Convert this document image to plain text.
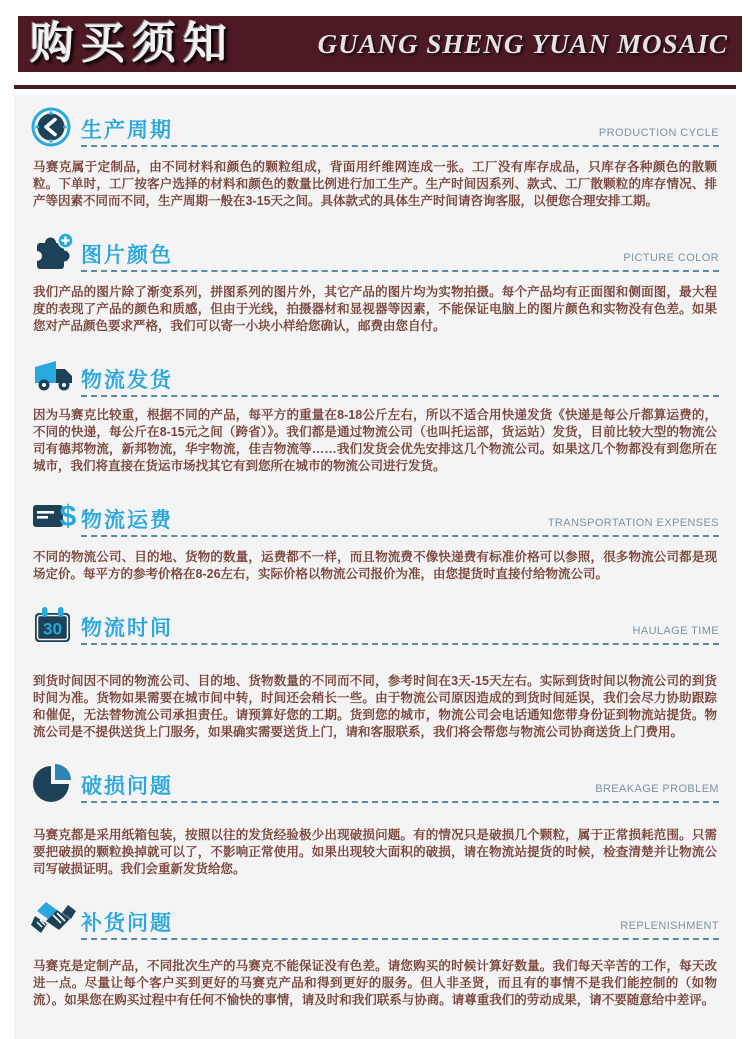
购买须知	GUANG SHENG YUAN MOSAIC
生产周期	PRODUCTION CYCLE

马赛克属于定制品，由不同材料和颜色的颗粒组成，背面用纤维网连成一张。工厂没有库存成品，只库存各种颜色的散颗粒。下单时，工厂按客户选择的材料和颜色的数量比例进行加工生产。生产时间因系列、款式、工厂散颗粒的库存情况、排产等因素不同而不同，生产周期一般在3-15天之间。具体款式的具体生产时间请咨询客服，以便您合理安排工期。

图片颜色	PICTURE COLOR

我们产品的图片除了渐变系列，拼图系列的图片外，其它产品的图片均为实物拍摄。每个产品均有正面图和侧面图，最大程度的表现了产品的颜色和质感，但由于光线，拍摄器材和显视器等因素，不能保证电脑上的图片颜色和实物没有色差。如果您对产品颜色要求严格，我们可以寄一小块小样给您确认，邮费由您自付。

物流发货

因为马赛克比较重，根据不同的产品，每平方的重量在8-18公斤左右，所以不适合用快递发货《快递是每公斤都算运费的，不同的快递，每公斤在8-15元之间（跨省）》。我们都是通过物流公司（也叫托运部，货运站）发货，目前比较大型的物流公司有德邦物流，新邦物流，华宇物流，佳吉物流等……我们发货会优先安排这几个物流公司。如果这几个物都没有到您所在城市，我们将直接在货运市场找其它有到您所在城市的物流公司进行发货。

$ 物流运费	TRANSPORTATION EXPENSES

不同的物流公司、目的地、货物的数量，运费都不一样，而且物流费不像快递费有标准价格可以参照，很多物流公司都是现场定价。每平方的参考价格在8-26左右，实际价格以物流公司报价为准，由您提货时直接付给物流公司。

30 物流时间	HAULAGE TIME

到货时间因不同的物流公司、目的地、货物数量的不同而不同，参考时间在3天-15天左右。实际到货时间以物流公司的到货时间为准。货物如果需要在城市间中转，时间还会稍长一些。由于物流公司原因造成的到货时间延误，我们会尽力协助跟踪和催促，无法替物流公司承担责任。请预算好您的工期。货到您的城市，物流公司会电话通知您带身份证到物流站提货。物流公司是不提供送货上门服务，如果确实需要送货上门，请和客服联系，我们将会帮您与物流公司协商送货上门费用。

破损问题	BREAKAGE PROBLEM

马赛克都是采用纸箱包装，按照以往的发货经验极少出现破损问题。有的情况只是破损几个颗粒，属于正常损耗范围。只需要把破损的颗粒换掉就可以了，不影响正常使用。如果出现较大面积的破损，请在物流站提货的时候，检查清楚并让物流公司写破损证明。我们会重新发货给您。

补货问题	REPLENISHMENT

马赛克是定制产品，不同批次生产的马赛克不能保证没有色差。请您购买的时候计算好数量。我们每天辛苦的工作，每天改进一点。尽量让每个客户买到更好的马赛克产品和得到更好的服务。但人非圣贤，而且有的事情不是我们能控制的（如物流）。如果您在购买过程中有任何不愉快的事情，请及时和我们联系与协商。请尊重我们的劳动成果，请不要随意给中差评。
